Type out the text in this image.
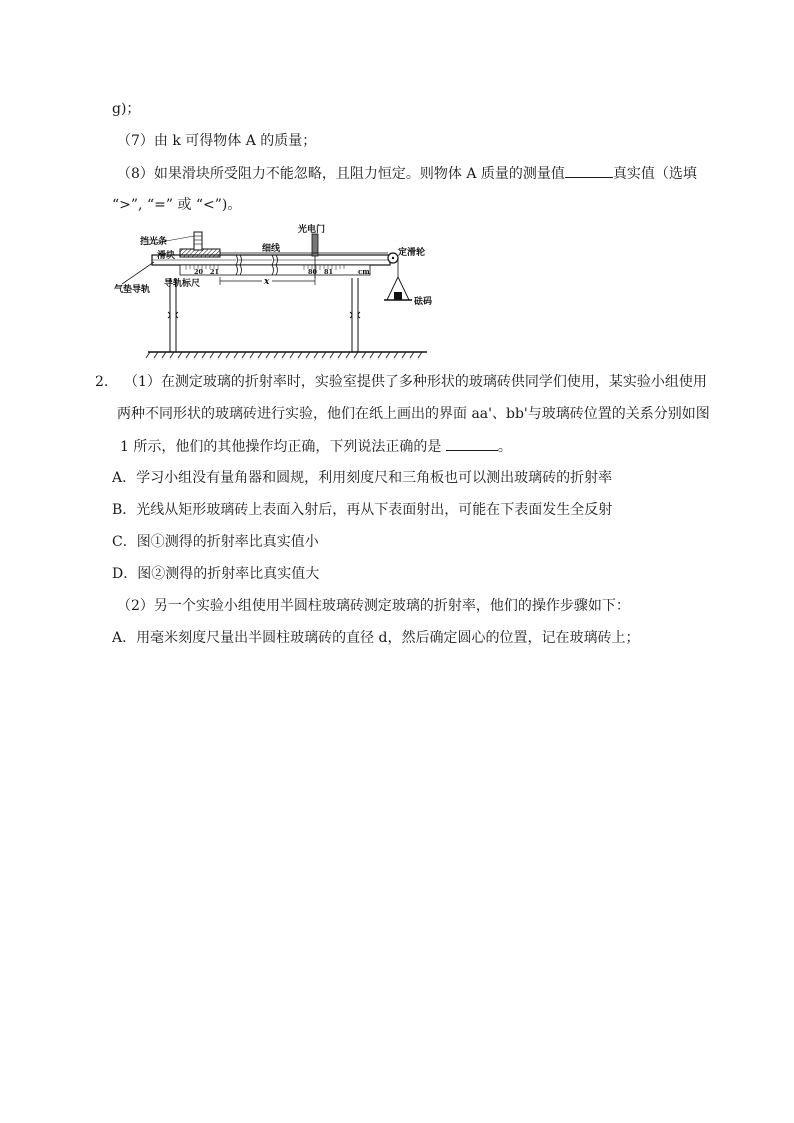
g)；
（7）由 k 可得物体 A 的质量；
（8）如果滑块所受阻力不能忽略，且阻力恒定。则物体 A 质量的测量值	真实值（选填
“>”, “=” 或 “<”)。
挡光条
滑块
光电门
细线	定滑轮
气垫导轨
导轨标尺
砝码
20 21	80 81	cm
x
2. （1）在测定玻璃的折射率时，实验室提供了多种形状的玻璃砖供同学们使用，某实验小组使用
两种不同形状的玻璃砖进行实验，他们在纸上画出的界面 aa'、bb'与玻璃砖位置的关系分别如图
1 所示，他们的其他操作均正确，下列说法正确的是	。
A．学习小组没有量角器和圆规，利用刻度尺和三角板也可以测出玻璃砖的折射率
B．光线从矩形玻璃砖上表面入射后，再从下表面射出，可能在下表面发生全反射
C．图①测得的折射率比真实值小
D．图②测得的折射率比真实值大
（2）另一个实验小组使用半圆柱玻璃砖测定玻璃的折射率，他们的操作步骤如下：
A．用毫米刻度尺量出半圆柱玻璃砖的直径 d，然后确定圆心的位置，记在玻璃砖上；
